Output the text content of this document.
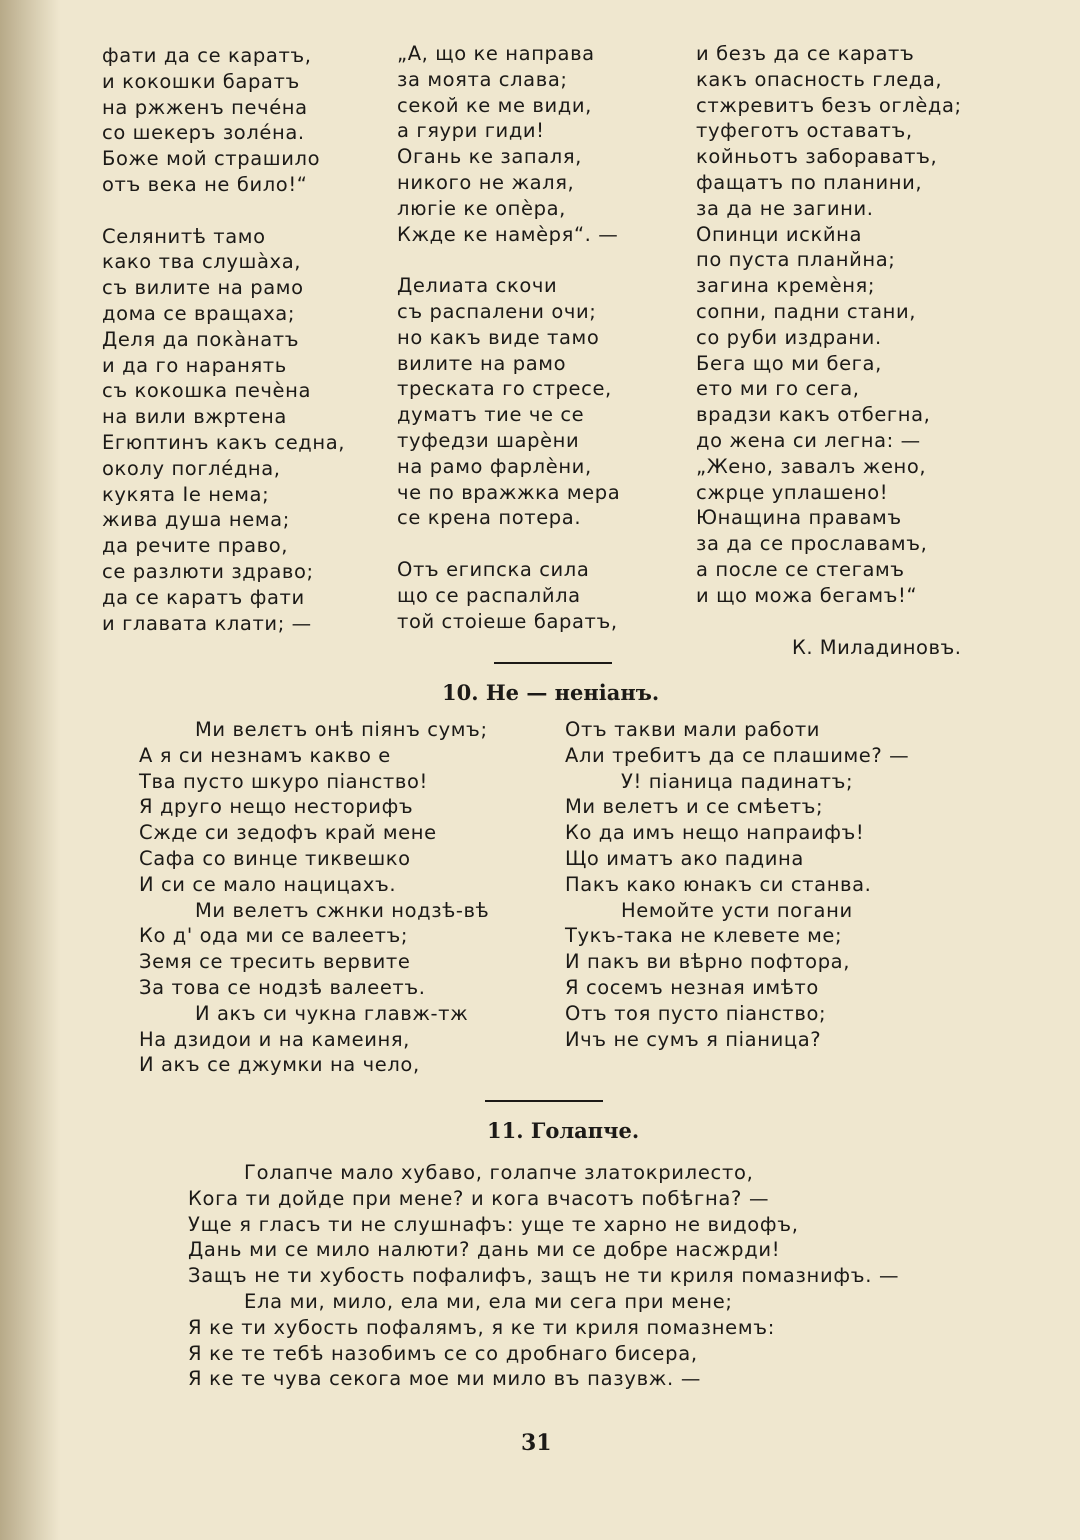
фати да се каратъ,
и кокошки баратъ
на ржженъ печéна
со шекеръ золéна.
Боже мой страшило
отъ века не било!“
Селянитѣ тамо
како тва слушàха,
съ вилите на рамо
дома се вращаха;
Деля да покàнатъ
и да го наранять
съ кокошка печèна
на вили вжртена
Егюптинъ какъ седна,
околу поглéдна,
кукята Iе нема;
жива душа нема;
да речите право,
се разлюти здраво;
да се каратъ фати
и главата клати; —
„А, що ке направа
за моята слава;
секой ке ме види,
а гяури гиди!
Огань ке запаля,
никого не жаля,
люгіе ке опèра,
Кжде ке намèря“. —
Делиата скочи
съ распалени очи;
но какъ виде тамо
вилите на рамо
треската го стресе,
думатъ тие че се
туфедзи шарèни
на рамо фарлèни,
че по вражжка мера
се крена потера.
Отъ египска сила
що се распалйла
той стоіеше баратъ,
и безъ да се каратъ
какъ опасность гледа,
стжревитъ безъ оглèда;
туфеготъ оставатъ,
койньотъ забораватъ,
фащатъ по планини,
за да не загини.
Опинци искйна
по пуста планйна;
загина кремèня;
сопни, падни стани,
со руби издрани.
Бега що ми бега,
ето ми го сега,
врадзи какъ отбегна,
до жена си легна: —
„Жено, завалъ жено,
сжрце уплашено!
Юнащина правамъ
за да се прославамъ,
а после се стегамъ
и що можа бегамъ!“
К. Миладиновъ.
10. Не — неніанъ.
Ми велєтъ онѣ піянъ сумъ;
А я си незнамъ какво е
Тва пусто шкуро піанство!
Я друго нещо несторифъ
Сжде си зедофъ край мене
Сафа со винце тиквешко
И си се мало нацицахъ.
Ми велетъ сжнки нодзѣ-вѣ
Ко д' ода ми се валеетъ;
Земя се тресить вервите
За това се нодзѣ валеетъ.
И акъ си чукна главж-тж
На дзидои и на камеиня,
И акъ се джумки на чело,
Отъ такви мали работи
Али требитъ да се плашиме? —
У! піаница падинатъ;
Ми велетъ и се смѣетъ;
Ко да имъ нещо напраифъ!
Що иматъ ако падина
Пакъ како юнакъ си станва.
Немойте усти погани
Тукъ-така не клевете ме;
И пакъ ви вѣрно пофтора,
Я сосемъ незная имѣто
Отъ тоя пусто піанство;
Ичъ не сумъ я піаница?
11. Голапче.
Голапче мало хубаво, голапче златокрилесто,
Кога ти дойде при мене? и кога вчасотъ побѣгна? —
Уще я гласъ ти не слушнафъ: уще те харно не видофъ,
Дань ми се мило налюти? дань ми се добре насжрди!
Защъ не ти хубость пофалифъ, защъ не ти криля помазнифъ. —
Ела ми, мило, ела ми, ела ми сега при мене;
Я ке ти хубость пофалямъ, я ке ти криля помазнемъ:
Я ке те тебѣ назобимъ се со дробнаго бисера,
Я ке те чува секога мое ми мило въ пазувж. —
31
